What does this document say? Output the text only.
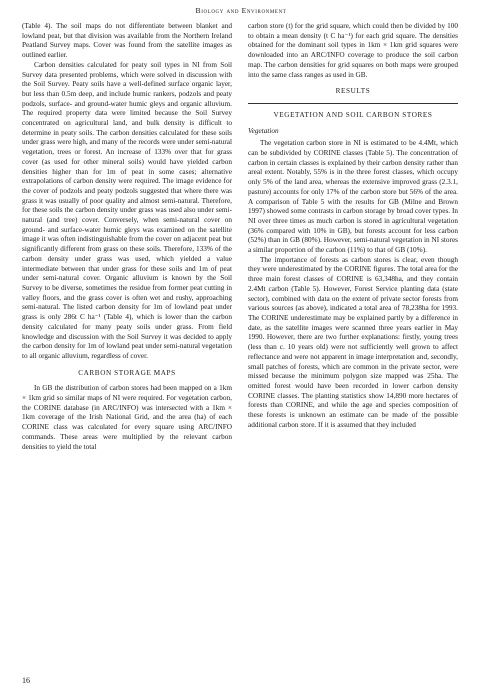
Biology and Environment

(Table 4). The soil maps do not differentiate between blanket and lowland peat, but that division was available from the Northern Ireland Peatland Survey maps. Cover was found from the satellite images as outlined earlier.

Carbon densities calculated for peaty soil types in NI from Soil Survey data presented problems, which were solved in discussion with the Soil Survey. Peaty soils have a well-defined surface organic layer, but less than 0.5m deep, and include humic rankers, podzols and peaty podzols, surface- and ground-water humic gleys and organic alluvium. The required property data were limited because the Soil Survey concentrated on agricultural land, and bulk density is difficult to determine in peaty soils. The carbon densities calculated for these soils under grass were high, and many of the records were under semi-natural vegetation, trees or forest. An increase of 133% over that for grass cover (as used for other mineral soils) would have yielded carbon densities higher than for 1m of peat in some cases; alternative extrapolations of carbon density were required. The image evidence for the cover of podzols and peaty podzols suggested that where there was grass it was usually of poor quality and almost semi-natural. Therefore, for these soils the carbon density under grass was used also under semi-natural (and tree) cover. Conversely, when semi-natural cover on ground- and surface-water humic gleys was examined on the satellite image it was often indistinguishable from the cover on adjacent peat but significantly different from grass on these soils. Therefore, 133% of the carbon density under grass was used, which yielded a value intermediate between that under grass for these soils and 1m of peat under semi-natural cover. Organic alluvium is known by the Soil Survey to be diverse, sometimes the residue from former peat cutting in valley floors, and the grass cover is often wet and rushy, approaching semi-natural. The listed carbon density for 1m of lowland peat under grass is only 286t C ha⁻¹ (Table 4), which is lower than the carbon density calculated for many peaty soils under grass. From field knowledge and discussion with the Soil Survey it was decided to apply the carbon density for 1m of lowland peat under semi-natural vegetation to all organic alluvium, regardless of cover.

CARBON STORAGE MAPS

In GB the distribution of carbon stores had been mapped on a 1km × 1km grid so similar maps of NI were required. For vegetation carbon, the CORINE database (in ARC/INFO) was intersected with a 1km × 1km coverage of the Irish National Grid, and the area (ha) of each CORINE class was calculated for every square using ARC/INFO commands. These areas were multiplied by the relevant carbon densities to yield the total

carbon store (t) for the grid square, which could then be divided by 100 to obtain a mean density (t C ha⁻¹) for each grid square. The densities obtained for the dominant soil types in 1km × 1km grid squares were downloaded into an ARC/INFO coverage to produce the soil carbon map. The carbon densities for grid squares on both maps were grouped into the same class ranges as used in GB.

RESULTS
VEGETATION AND SOIL CARBON STORES
Vegetation

The vegetation carbon store in NI is estimated to be 4.4Mt, which can be subdivided by CORINE classes (Table 5). The concentration of carbon in certain classes is explained by their carbon density rather than areal extent. Notably, 55% is in the three forest classes, which occupy only 5% of the land area, whereas the extensive improved grass (2.3.1, pasture) accounts for only 17% of the carbon store but 56% of the area. A comparison of Table 5 with the results for GB (Milne and Brown 1997) showed some contrasts in carbon storage by broad cover types. In NI over three times as much carbon is stored in agricultural vegetation (36% compared with 10% in GB), but forests account for less carbon (52%) than in GB (80%). However, semi-natural vegetation in NI stores a similar proportion of the carbon (11%) to that of GB (10%).

The importance of forests as carbon stores is clear, even though they were underestimated by the CORINE figures. The total area for the three main forest classes of CORINE is 63,348ha, and they contain 2.4Mt carbon (Table 5). However, Forest Service planting data (state sector), combined with data on the extent of private sector forests from various sources (as above), indicated a total area of 78,238ha for 1993. The CORINE underestimate may be explained partly by a difference in date, as the satellite images were scanned three years earlier in May 1990. However, there are two further explanations: firstly, young trees (less than c. 10 years old) were not sufficiently well grown to affect reflectance and were not apparent in image interpretation and, secondly, small patches of forests, which are common in the private sector, were missed because the minimum polygon size mapped was 25ha. The omitted forest would have been recorded in lower carbon density CORINE classes. The planting statistics show 14,890 more hectares of forests than CORINE, and while the age and species composition of these forests is unknown an estimate can be made of the possible additional carbon store. If it is assumed that they included

16
